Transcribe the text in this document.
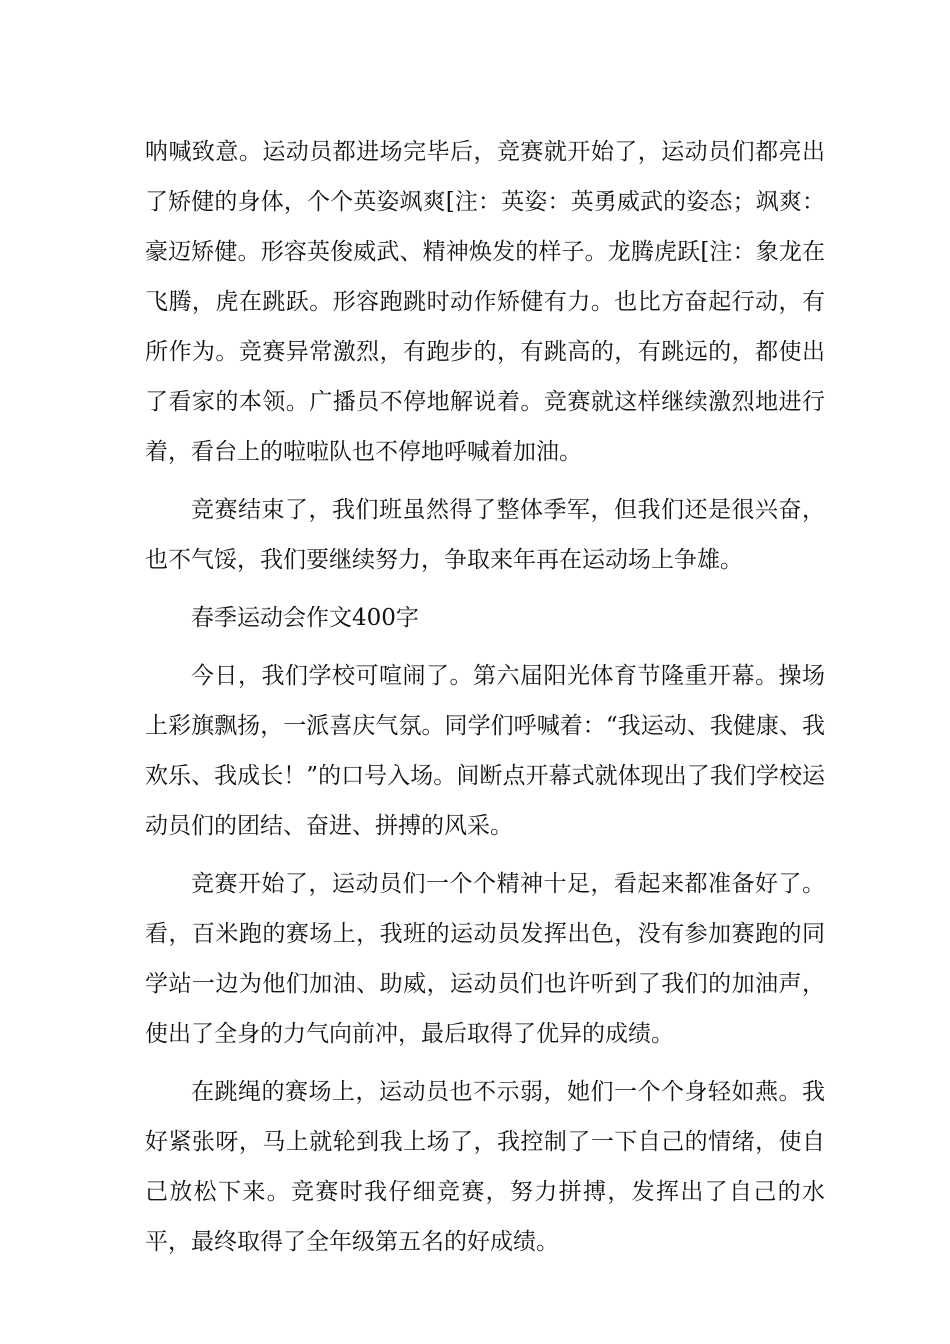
呐喊致意。运动员都进场完毕后，竞赛就开始了，运动员们都亮出了矫健的身体，个个英姿飒爽[注：英姿：英勇威武的姿态；飒爽：豪迈矫健。形容英俊威武、精神焕发的样子。龙腾虎跃[注：象龙在飞腾，虎在跳跃。形容跑跳时动作矫健有力。也比方奋起行动，有所作为。竞赛异常激烈，有跑步的，有跳高的，有跳远的，都使出了看家的本领。广播员不停地解说着。竞赛就这样继续激烈地进行着，看台上的啦啦队也不停地呼喊着加油。

竞赛结束了，我们班虽然得了整体季军，但我们还是很兴奋，也不气馁，我们要继续努力，争取来年再在运动场上争雄。

春季运动会作文400字

今日，我们学校可喧闹了。第六届阳光体育节隆重开幕。操场上彩旗飘扬，一派喜庆气氛。同学们呼喊着：“我运动、我健康、我欢乐、我成长！”的口号入场。间断点开幕式就体现出了我们学校运动员们的团结、奋进、拼搏的风采。

竞赛开始了，运动员们一个个精神十足，看起来都准备好了。看，百米跑的赛场上，我班的运动员发挥出色，没有参加赛跑的同学站一边为他们加油、助威，运动员们也许听到了我们的加油声，使出了全身的力气向前冲，最后取得了优异的成绩。

在跳绳的赛场上，运动员也不示弱，她们一个个身轻如燕。我好紧张呀，马上就轮到我上场了，我控制了一下自己的情绪，使自己放松下来。竞赛时我仔细竞赛，努力拼搏，发挥出了自己的水平，最终取得了全年级第五名的好成绩。
